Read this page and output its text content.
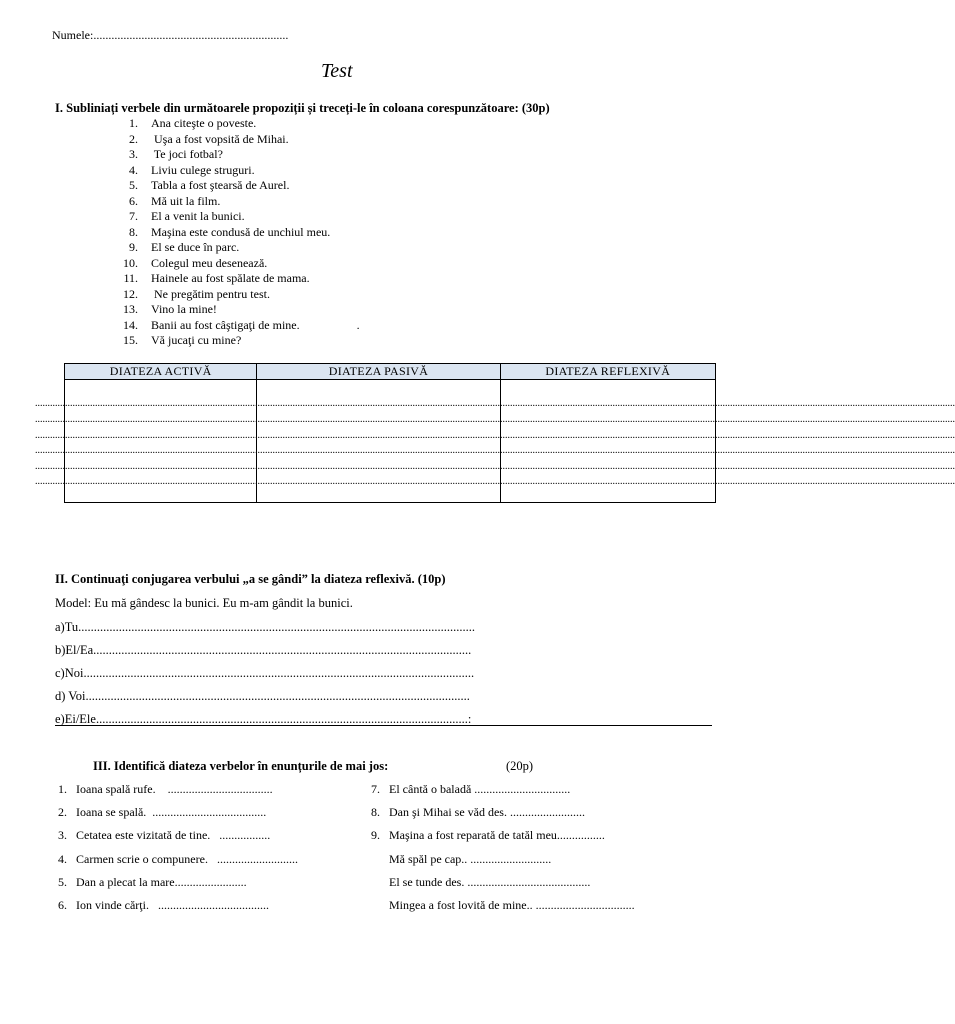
Numele:.................................................................
Test
I. Subliniați verbele din următoarele propoziții și treceți-le în coloana corespunzătoare: (30p)
1. Ana citeşte o poveste.
2. Uşa a fost vopsită de Mihai.
3. Te joci fotbal?
4. Liviu culege struguri.
5. Tabla a fost ştearsă de Aurel.
6. Mă uit la film.
7. El a venit la bunici.
8. Maşina este condusă de unchiul meu.
9. El se duce în parc.
10. Colegul meu desenează.
11. Hainele au fost spălate de mama.
12. Ne pregătim pentru test.
13. Vino la mine!
14. Banii au fost câştigaţi de mine.                   .
15. Vă jucaţi cu mine?
DIATEZA ACTIVĂ	DIATEZA PASIVĂ	DIATEZA REFLEXIVĂ

................................................................................................................................................................................................................................................................................................................................................................................
................................................................................................................................................................................................................................................................................................................................................................................
................................................................................................................................................................................................................................................................................................................................................................................
................................................................................................................................................................................................................................................................................................................................................................................
................................................................................................................................................................................................................................................................................................................................................................................
................................................................................................................................................................................................................................................................................................................................................................................
II. Continuaţi conjugarea verbului „a se gândi” la diateza reflexivă. (10p)
Model: Eu mă gândesc la bunici. Eu m-am gândit la bunici.
a)Tu...............................................................................................................................
b)El/Ea.........................................................................................................................
c)Noi.............................................................................................................................
d) Voi...........................................................................................................................
e)Ei/Ele.......................................................................................................................:
III. Identifică diateza verbelor în enunțurile de mai jos:	(20p)
1. Ioana spală rufe.    ...................................
2. Ioana se spală.  ......................................
3. Cetatea este vizitată de tine.   .................
4. Carmen scrie o compunere.   ...........................
5. Dan a plecat la mare........................
6. Ion vinde cărţi.   .....................................
7. El cântă o baladă ................................
8. Dan şi Mihai se văd des. .........................
9. Maşina a fost reparată de tatăl meu................
Mă spăl pe cap.. ...........................
El se tunde des. .........................................
Mingea a fost lovită de mine.. .................................
